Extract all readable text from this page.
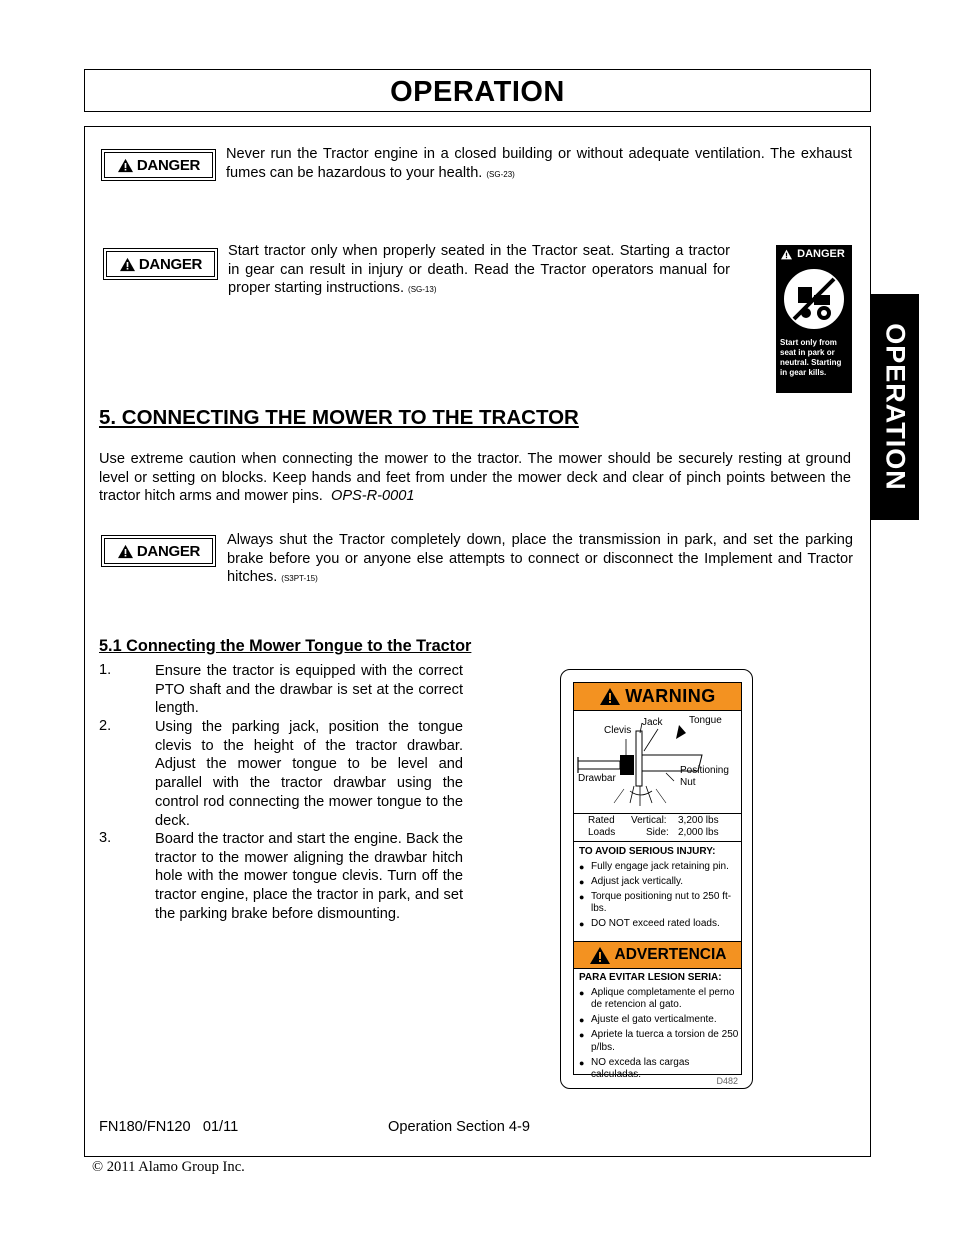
OPERATION
OPERATION
DANGER
Never run the Tractor engine in a closed building or without adequate ventilation. The exhaust fumes can be hazardous to your health. (SG-23)
DANGER
Start tractor only when properly seated in the Tractor seat. Starting a tractor in gear can result in injury or death. Read the Tractor operators manual for proper starting instructions. (SG-13)
DANGER
Start only from seat in park or neutral. Starting in gear kills.
5. CONNECTING THE MOWER TO THE TRACTOR
Use extreme caution when connecting the mower to the tractor. The mower should be securely resting at ground level or setting on blocks. Keep hands and feet from under the mower deck and clear of pinch points between the tractor hitch arms and mower pins. OPS-R-0001
DANGER
Always shut the Tractor completely down, place the transmission in park, and set the parking brake before you or anyone else attempts to connect or disconnect the Implement and Tractor hitches. (S3PT-15)
5.1 Connecting the Mower Tongue to the Tractor
1.	Ensure the tractor is equipped with the correct PTO shaft and the drawbar is set at the correct length.
2.	Using the parking jack, position the tongue clevis to the height of the tractor drawbar. Adjust the mower tongue to be level and parallel with the tractor drawbar using the control rod connecting the mower tongue to the deck.
3.	Board the tractor and start the engine. Back the tractor to the mower aligning the drawbar hitch hole with the mower tongue clevis. Turn off the tractor engine, place the tractor in park, and set the parking brake before dismounting.
WARNING
Clevis
Jack	Tongue
Drawbar
Positioning
Nut
Rated
Loads
Vertical: 3,200 lbs
Side: 2,000 lbs
TO AVOID SERIOUS INJURY:
● Fully engage jack retaining pin.
● Adjust jack vertically.
● Torque positioning nut to 250 ft-lbs.
● DO NOT exceed rated loads.
ADVERTENCIA
PARA EVITAR LESION SERIA:
● Aplique completamente el perno de retencion al gato.
● Ajuste el gato verticalmente.
● Apriete la tuerca a torsion de 250 p/lbs.
● NO exceda las cargas calculadas.
D482
FN180/FN120   01/11	Operation Section 4-9
© 2011 Alamo Group Inc.
